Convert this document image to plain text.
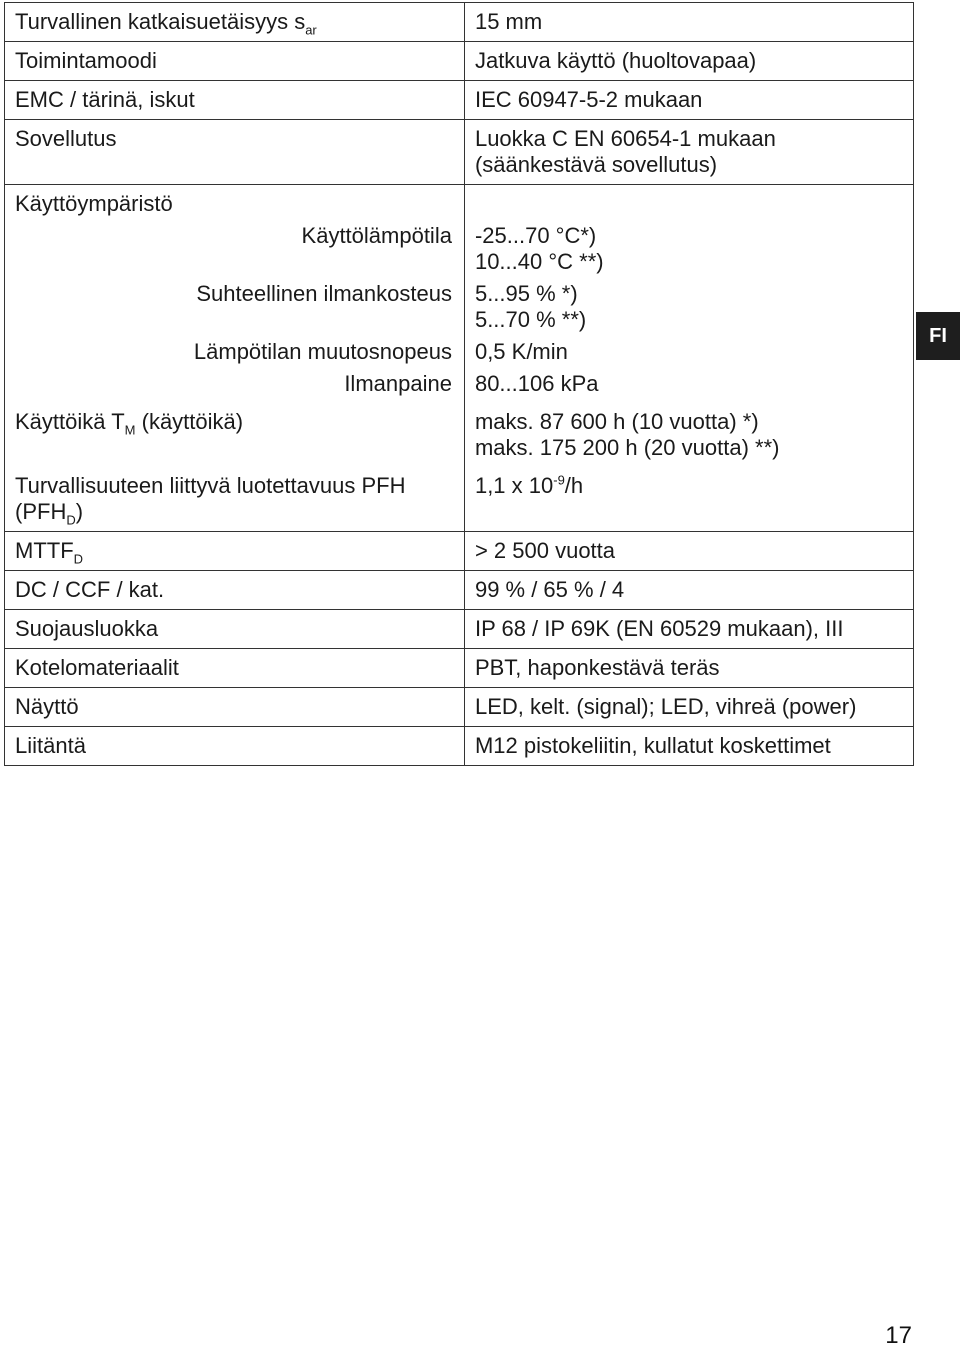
Turvallinen katkaisuetäisyys $s_{ar}$	15 mm
Toimintamoodi	Jatkuva käyttö (huoltovapaa)
EMC / tärinä, iskut	IEC 60947-5-2 mukaan
Sovellutus	Luokka C EN 60654-1 mukaan
(säänkestävä sovellutus)

Käyttöympäristö	
Käyttölämpötila	-25...70 °C*)
10...40 °C **)

Suhteellinen ilmankosteus	5...95 % *)
5...70 % **)

Lämpötilan muutosnopeus	0,5 K/min
Ilmanpaine	80...106 kPa
Käyttöikä $T_M$ (käyttöikä)	maks. 87 600 h (10 vuotta) *)
maks. 175 200 h (20 vuotta) **)

Turvallisuuteen liittyvä luotettavuus PFH
$(PFH_D)$	1,1 x $10^{-9}/h$
$MTTF_D$	> 2 500 vuotta
DC / CCF / kat.	99 % / 65 % / 4
Suojausluokka	IP 68 / IP 69K (EN 60529 mukaan), III
Kotelomateriaalit	PBT, haponkestävä teräs
Näyttö	LED, kelt. (signal); LED, vihreä (power)
Liitäntä	M12 pistokeliitin, kullatut koskettimet
FI
17
